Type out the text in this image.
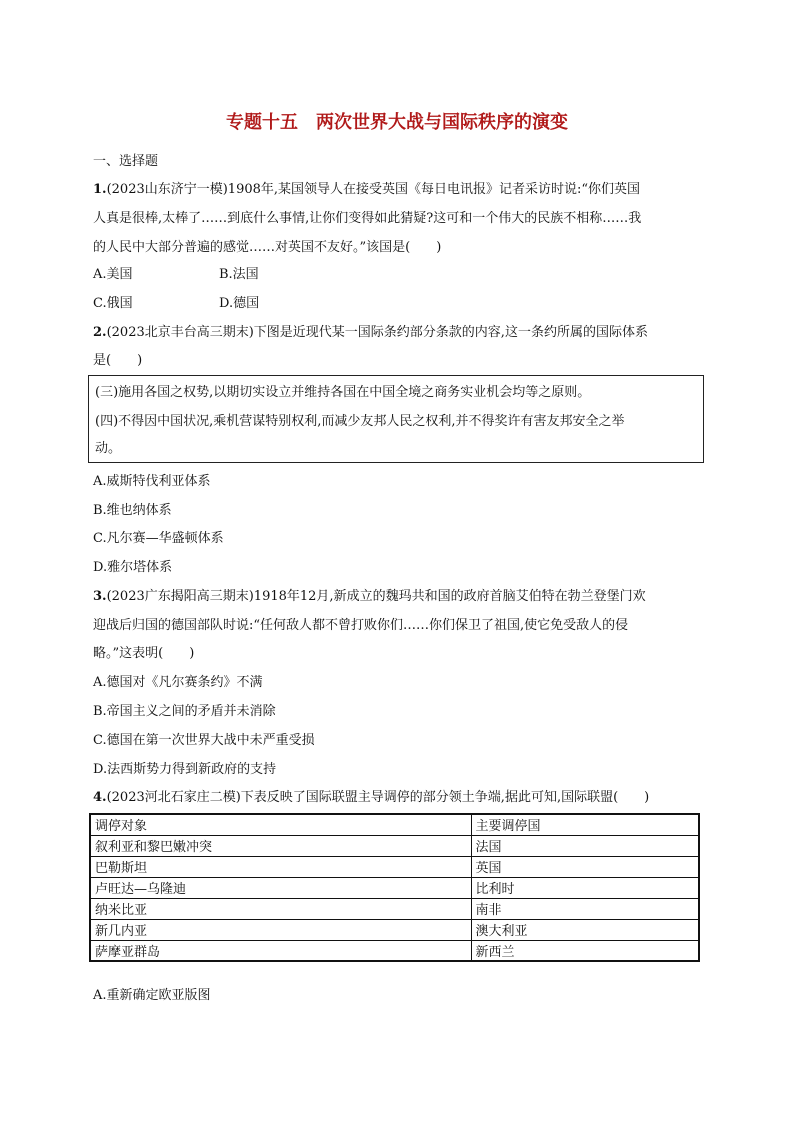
专题十五　两次世界大战与国际秩序的演变
一、选择题
1.(2023山东济宁一模)1908年,某国领导人在接受英国《每日电讯报》记者采访时说:“你们英国
人真是很棒,太棒了……到底什么事情,让你们变得如此猜疑?这可和一个伟大的民族不相称……我
的人民中大部分普遍的感觉……对英国不友好。”该国是(　　)
A.美国	B.法国
C.俄国	D.德国
2.(2023北京丰台高三期末)下图是近现代某一国际条约部分条款的内容,这一条约所属的国际体系
是(　　)
(三)施用各国之权势,以期切实设立并维持各国在中国全境之商务实业机会均等之原则。
(四)不得因中国状况,乘机营谋特别权利,而减少友邦人民之权利,并不得奖许有害友邦安全之举
动。
A.威斯特伐利亚体系
B.维也纳体系
C.凡尔赛—华盛顿体系
D.雅尔塔体系
3.(2023广东揭阳高三期末)1918年12月,新成立的魏玛共和国的政府首脑艾伯特在勃兰登堡门欢
迎战后归国的德国部队时说:“任何敌人都不曾打败你们……你们保卫了祖国,使它免受敌人的侵
略。”这表明(　　)
A.德国对《凡尔赛条约》不满
B.帝国主义之间的矛盾并未消除
C.德国在第一次世界大战中未严重受损
D.法西斯势力得到新政府的支持
4.(2023河北石家庄二模)下表反映了国际联盟主导调停的部分领土争端,据此可知,国际联盟(　　)
调停对象	主要调停国
叙利亚和黎巴嫩冲突	法国
巴勒斯坦	英国
卢旺达—乌隆迪	比利时
纳米比亚	南非
新几内亚	澳大利亚
萨摩亚群岛	新西兰
A.重新确定欧亚版图
